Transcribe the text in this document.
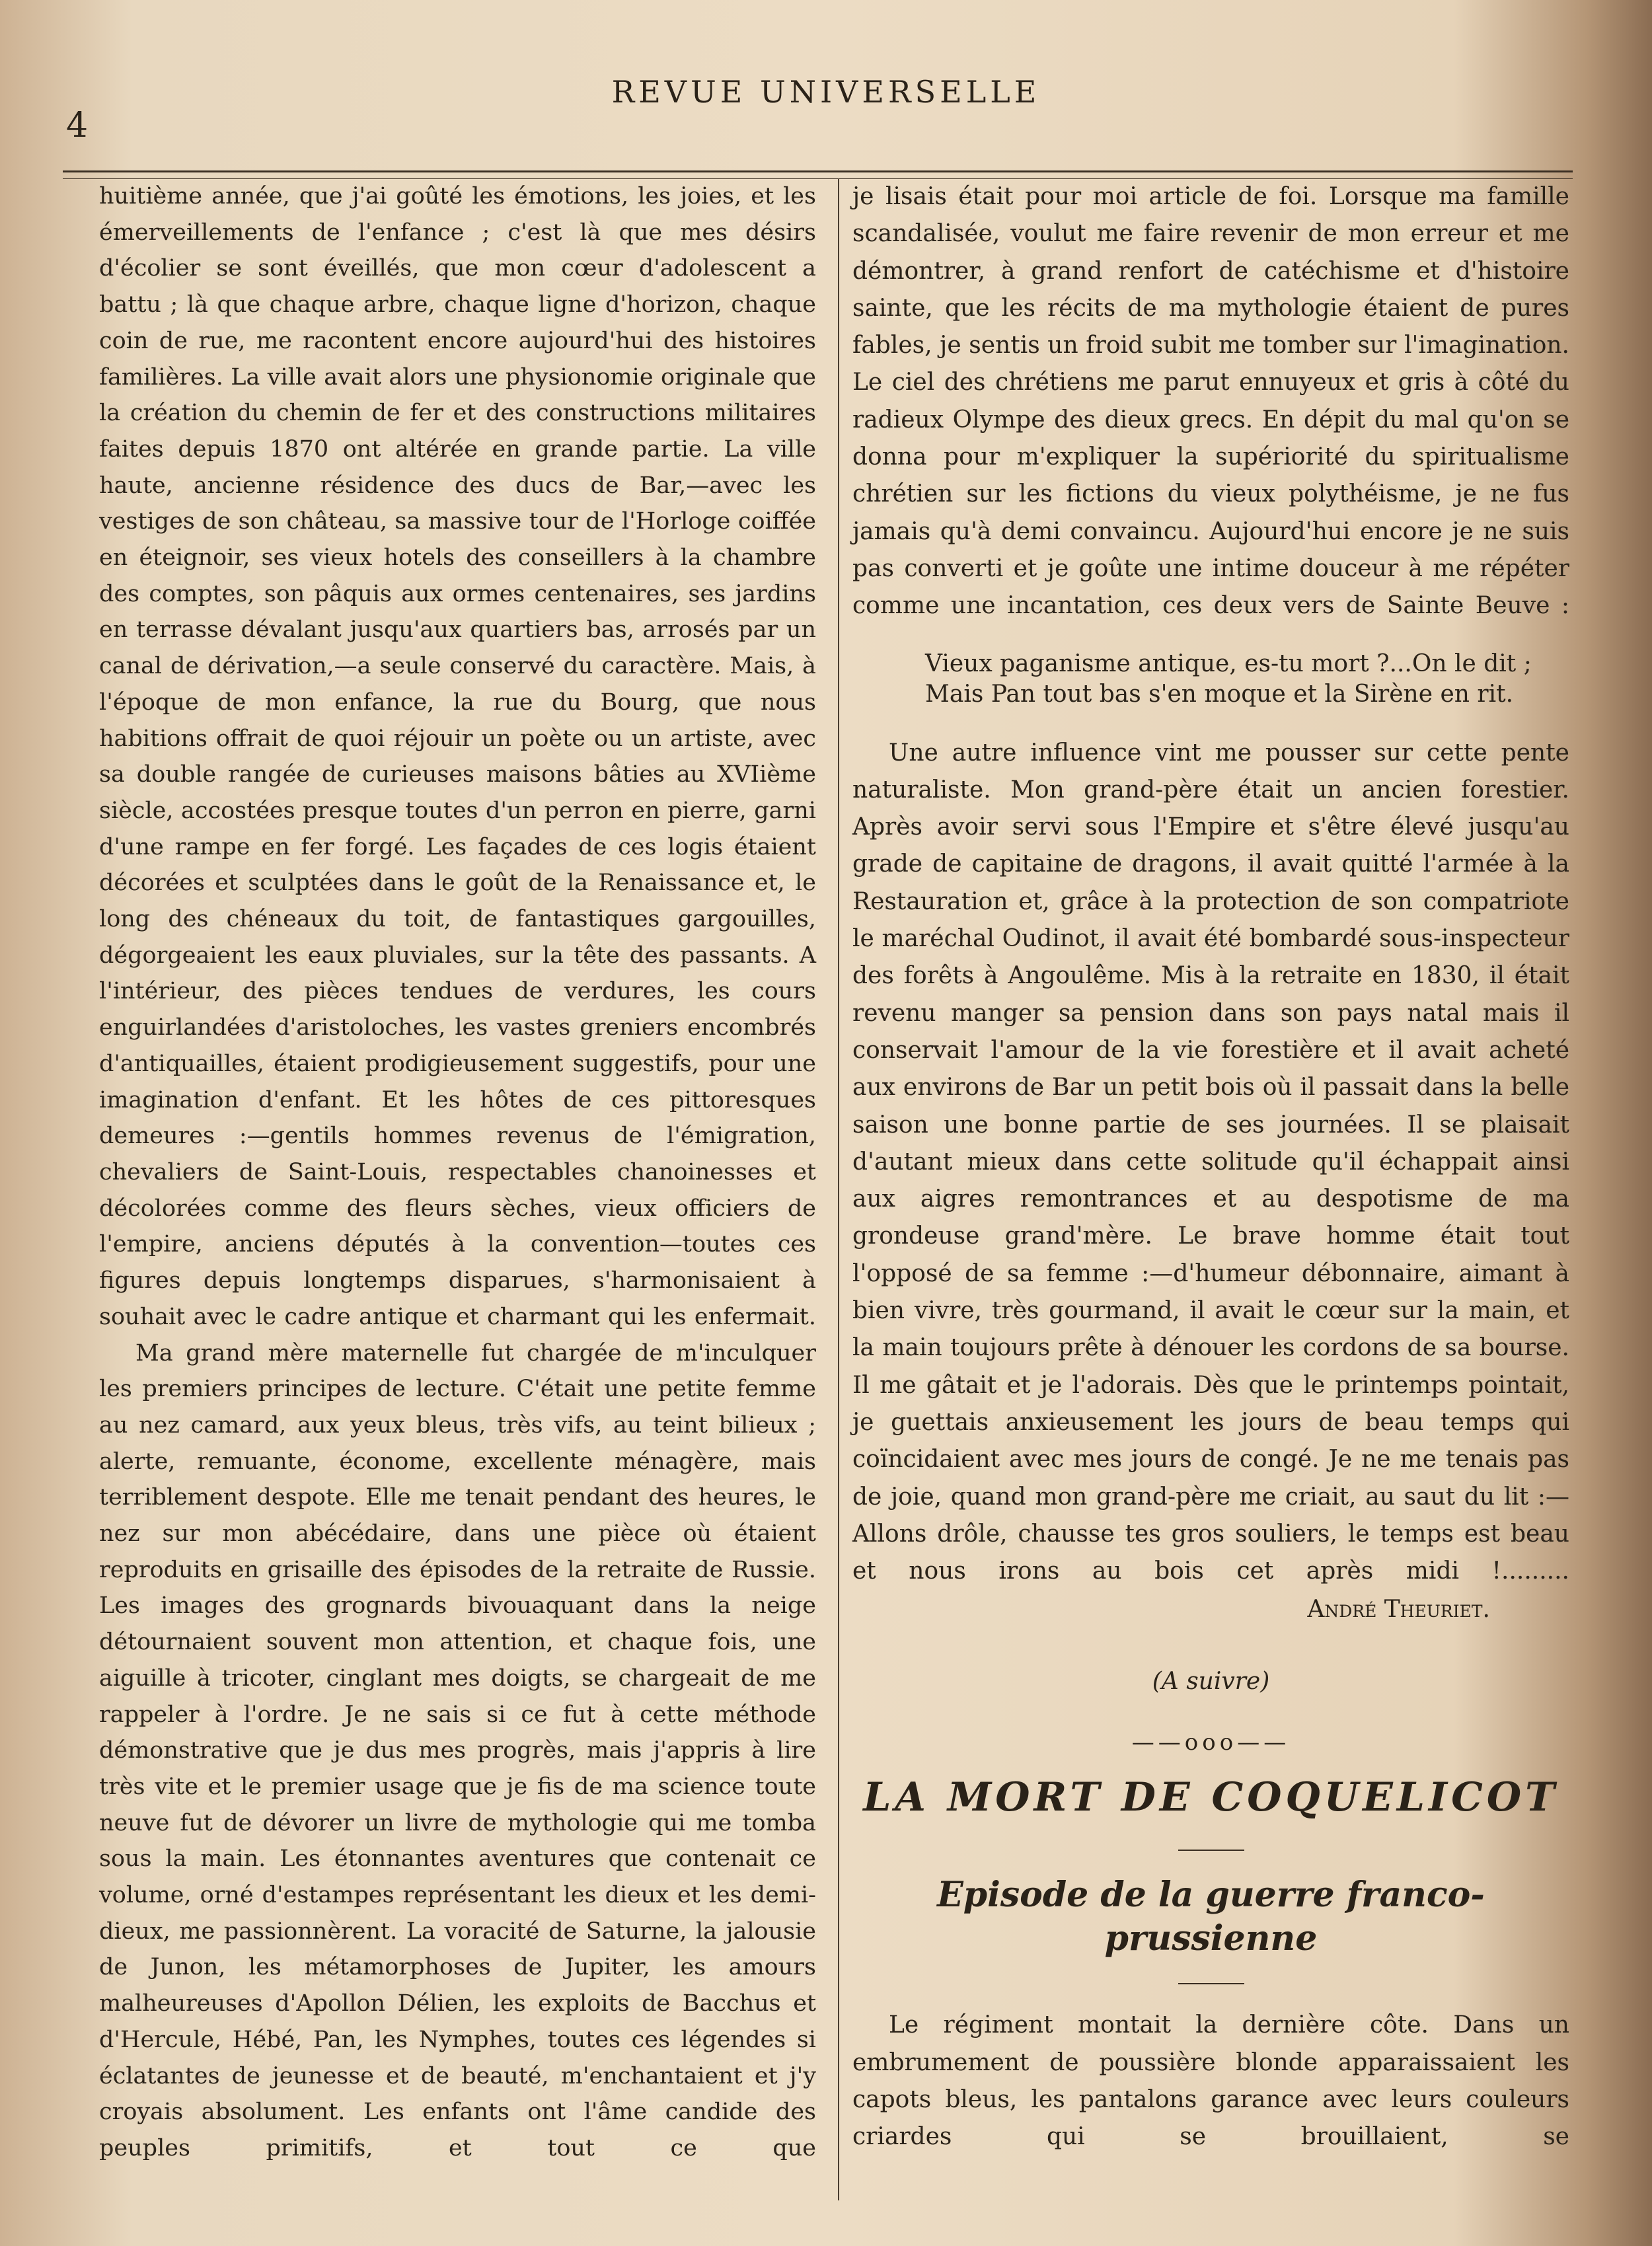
4
REVUE UNIVERSELLE

huitième année, que j'ai goûté les émotions, les joies, et les émerveillements de l'enfance ; c'est là que mes désirs d'écolier se sont éveillés, que mon cœur d'adolescent a battu ; là que chaque arbre, chaque ligne d'horizon, chaque coin de rue, me racontent encore aujourd'hui des histoires familières. La ville avait alors une physionomie originale que la création du chemin de fer et des constructions militaires faites depuis 1870 ont altérée en grande partie. La ville haute, ancienne résidence des ducs de Bar,—avec les vestiges de son château, sa massive tour de l'Horloge coiffée en éteignoir, ses vieux hotels des conseillers à la chambre des comptes, son pâquis aux ormes centenaires, ses jardins en terrasse dévalant jusqu'aux quartiers bas, arrosés par un canal de dérivation,—a seule conservé du caractère. Mais, à l'époque de mon enfance, la rue du Bourg, que nous habitions offrait de quoi réjouir un poète ou un artiste, avec sa double rangée de curieuses maisons bâties au XVIième siècle, accostées presque toutes d'un perron en pierre, garni d'une rampe en fer forgé. Les façades de ces logis étaient décorées et sculptées dans le goût de la Renaissance et, le long des chéneaux du toit, de fantastiques gargouilles, dégorgeaient les eaux pluviales, sur la tête des passants. A l'intérieur, des pièces tendues de verdures, les cours enguirlandées d'aristoloches, les vastes greniers encombrés d'antiquailles, étaient prodigieusement suggestifs, pour une imagination d'enfant. Et les hôtes de ces pittoresques demeures :—gentils hommes revenus de l'émigration, chevaliers de Saint-Louis, respectables chanoinesses et décolorées comme des fleurs sèches, vieux officiers de l'empire, anciens députés à la convention—toutes ces figures depuis longtemps disparues, s'harmonisaient à souhait avec le cadre antique et charmant qui les enfermait.

Ma grand mère maternelle fut chargée de m'inculquer les premiers principes de lecture. C'était une petite femme au nez camard, aux yeux bleus, très vifs, au teint bilieux ; alerte, remuante, économe, excellente ménagère, mais terriblement despote. Elle me tenait pendant des heures, le nez sur mon abécédaire, dans une pièce où étaient reproduits en grisaille des épisodes de la retraite de Russie. Les images des grognards bivouaquant dans la neige détournaient souvent mon attention, et chaque fois, une aiguille à tricoter, cinglant mes doigts, se chargeait de me rappeler à l'ordre. Je ne sais si ce fut à cette méthode démonstrative que je dus mes progrès, mais j'appris à lire très vite et le premier usage que je fis de ma science toute neuve fut de dévorer un livre de mythologie qui me tomba sous la main. Les étonnantes aventures que contenait ce volume, orné d'estampes représentant les dieux et les demi-dieux, me passionnèrent. La voracité de Saturne, la jalousie de Junon, les métamorphoses de Jupiter, les amours malheureuses d'Apollon Délien, les exploits de Bacchus et d'Hercule, Hébé, Pan, les Nymphes, toutes ces légendes si éclatantes de jeunesse et de beauté, m'enchantaient et j'y croyais absolument. Les enfants ont l'âme candide des peuples primitifs, et tout ce que

je lisais était pour moi article de foi. Lorsque ma famille scandalisée, voulut me faire revenir de mon erreur et me démontrer, à grand renfort de catéchisme et d'histoire sainte, que les récits de ma mythologie étaient de pures fables, je sentis un froid subit me tomber sur l'imagination. Le ciel des chrétiens me parut ennuyeux et gris à côté du radieux Olympe des dieux grecs. En dépit du mal qu'on se donna pour m'expliquer la supériorité du spiritualisme chrétien sur les fictions du vieux polythéisme, je ne fus jamais qu'à demi convaincu. Aujourd'hui encore je ne suis pas converti et je goûte une intime douceur à me répéter comme une incantation, ces deux vers de Sainte Beuve :

Vieux paganisme antique, es-tu mort ?...On le dit ;
Mais Pan tout bas s'en moque et la Sirène en rit.

Une autre influence vint me pousser sur cette pente naturaliste. Mon grand-père était un ancien forestier. Après avoir servi sous l'Empire et s'être élevé jusqu'au grade de capitaine de dragons, il avait quitté l'armée à la Restauration et, grâce à la protection de son compatriote le maréchal Oudinot, il avait été bombardé sous-inspecteur des forêts à Angoulême. Mis à la retraite en 1830, il était revenu manger sa pension dans son pays natal mais il conservait l'amour de la vie forestière et il avait acheté aux environs de Bar un petit bois où il passait dans la belle saison une bonne partie de ses journées. Il se plaisait d'autant mieux dans cette solitude qu'il échappait ainsi aux aigres remontrances et au despotisme de ma grondeuse grand'mère. Le brave homme était tout l'opposé de sa femme :—d'humeur débonnaire, aimant à bien vivre, très gourmand, il avait le cœur sur la main, et la main toujours prête à dénouer les cordons de sa bourse. Il me gâtait et je l'adorais. Dès que le printemps pointait, je guettais anxieusement les jours de beau temps qui coïncidaient avec mes jours de congé. Je ne me tenais pas de joie, quand mon grand-père me criait, au saut du lit :—Allons drôle, chausse tes gros souliers, le temps est beau et nous irons au bois cet après midi !.........

André Theuriet.
(A suivre)
——ooo——
LA MORT DE COQUELICOT
Episode de la guerre franco-prussienne

Le régiment montait la dernière côte. Dans un embrumement de poussière blonde apparaissaient les capots bleus, les pantalons garance avec leurs couleurs criardes qui se brouillaient, se
